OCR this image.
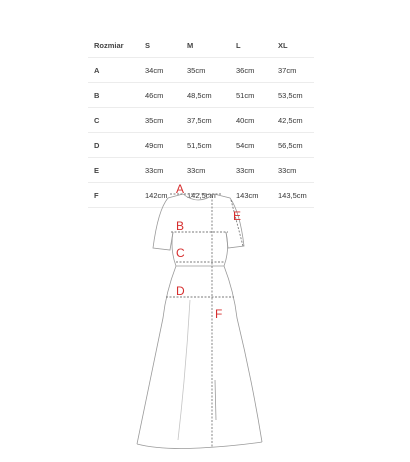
Rozmiar	S	M	L	XL
A	34cm	35cm	36cm	37cm
B	46cm	48,5cm	51cm	53,5cm
C	35cm	37,5cm	40cm	42,5cm
D	49cm	51,5cm	54cm	56,5cm
E	33cm	33cm	33cm	33cm
F	142cm	142,5cm	143cm	143,5cm
A
B
C
D
E
F
